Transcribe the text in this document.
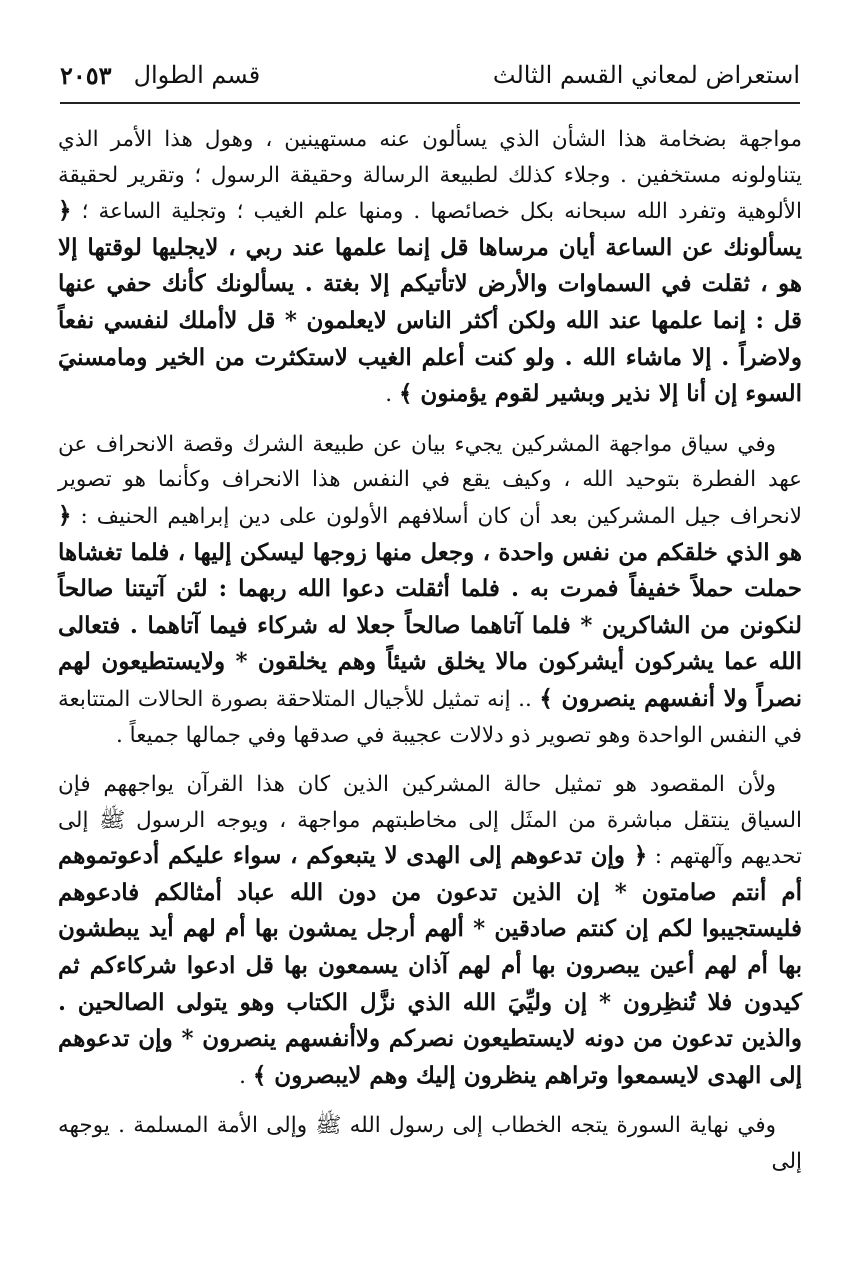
استعراض لمعاني القسم الثالث
قسم الطوال
٢٠٥٣

مواجهة بضخامة هذا الشأن الذي يسألون عنه مستهينين ، وهول هذا الأمر الذي يتناولونه مستخفين . وجلاء كذلك لطبيعة الرسالة وحقيقة الرسول ؛ وتقرير لحقيقة الألوهية وتفرد الله سبحانه بكل خصائصها . ومنها علم الغيب ؛ وتجلية الساعة ؛ ﴿ يسألونك عن الساعة أيان مرساها قل إنما علمها عند ربي ، لايجليها لوقتها إلا هو ، ثقلت في السماوات والأرض لاتأتيكم إلا بغتة . يسألونك كأنك حفي عنها قل : إنما علمها عند الله ولكن أكثر الناس لايعلمون * قل لاأملك لنفسي نفعاً ولاضراً . إلا ماشاء الله . ولو كنت أعلم الغيب لاستكثرت من الخير ومامسنيَ السوء إن أنا إلا نذير وبشير لقوم يؤمنون ﴾ .

وفي سياق مواجهة المشركين يجيء بيان عن طبيعة الشرك وقصة الانحراف عن عهد الفطرة بتوحيد الله ، وكيف يقع في النفس هذا الانحراف وكأنما هو تصوير لانحراف جيل المشركين بعد أن كان أسلافهم الأولون على دين إبراهيم الحنيف : ﴿ هو الذي خلقكم من نفس واحدة ، وجعل منها زوجها ليسكن إليها ، فلما تغشاها حملت حملاً خفيفاً فمرت به . فلما أثقلت دعوا الله ربهما : لئن آتيتنا صالحاً لنكونن من الشاكرين * فلما آتاهما صالحاً جعلا له شركاء فيما آتاهما . فتعالى الله عما يشركون أيشركون مالا يخلق شيئاً وهم يخلقون * ولايستطيعون لهم نصراً ولا أنفسهم ينصرون ﴾ .. إنه تمثيل للأجيال المتلاحقة بصورة الحالات المتتابعة في النفس الواحدة وهو تصوير ذو دلالات عجيبة في صدقها وفي جمالها جميعاً .

ولأن المقصود هو تمثيل حالة المشركين الذين كان هذا القرآن يواجههم فإن السياق ينتقل مباشرة من المثَل إلى مخاطبتهم مواجهة ، ويوجه الرسول ﷺ إلى تحديهم وآلهتهم : ﴿ وإن تدعوهم إلى الهدى لا يتبعوكم ، سواء عليكم أدعوتموهم أم أنتم صامتون * إن الذين تدعون من دون الله عباد أمثالكم فادعوهم فليستجيبوا لكم إن كنتم صادقين * ألهم أرجل يمشون بها أم لهم أيد يبطشون بها أم لهم أعين يبصرون بها أم لهم آذان يسمعون بها قل ادعوا شركاءكم ثم كيدون فلا تُنظِرون * إن وليِّيَ الله الذي نزَّل الكتاب وهو يتولى الصالحين . والذين تدعون من دونه لايستطيعون نصركم ولاأنفسهم ينصرون * وإن تدعوهم إلى الهدى لايسمعوا وتراهم ينظرون إليك وهم لايبصرون ﴾ .

وفي نهاية السورة يتجه الخطاب إلى رسول الله ﷺ وإلى الأمة المسلمة . يوجهه إلى
